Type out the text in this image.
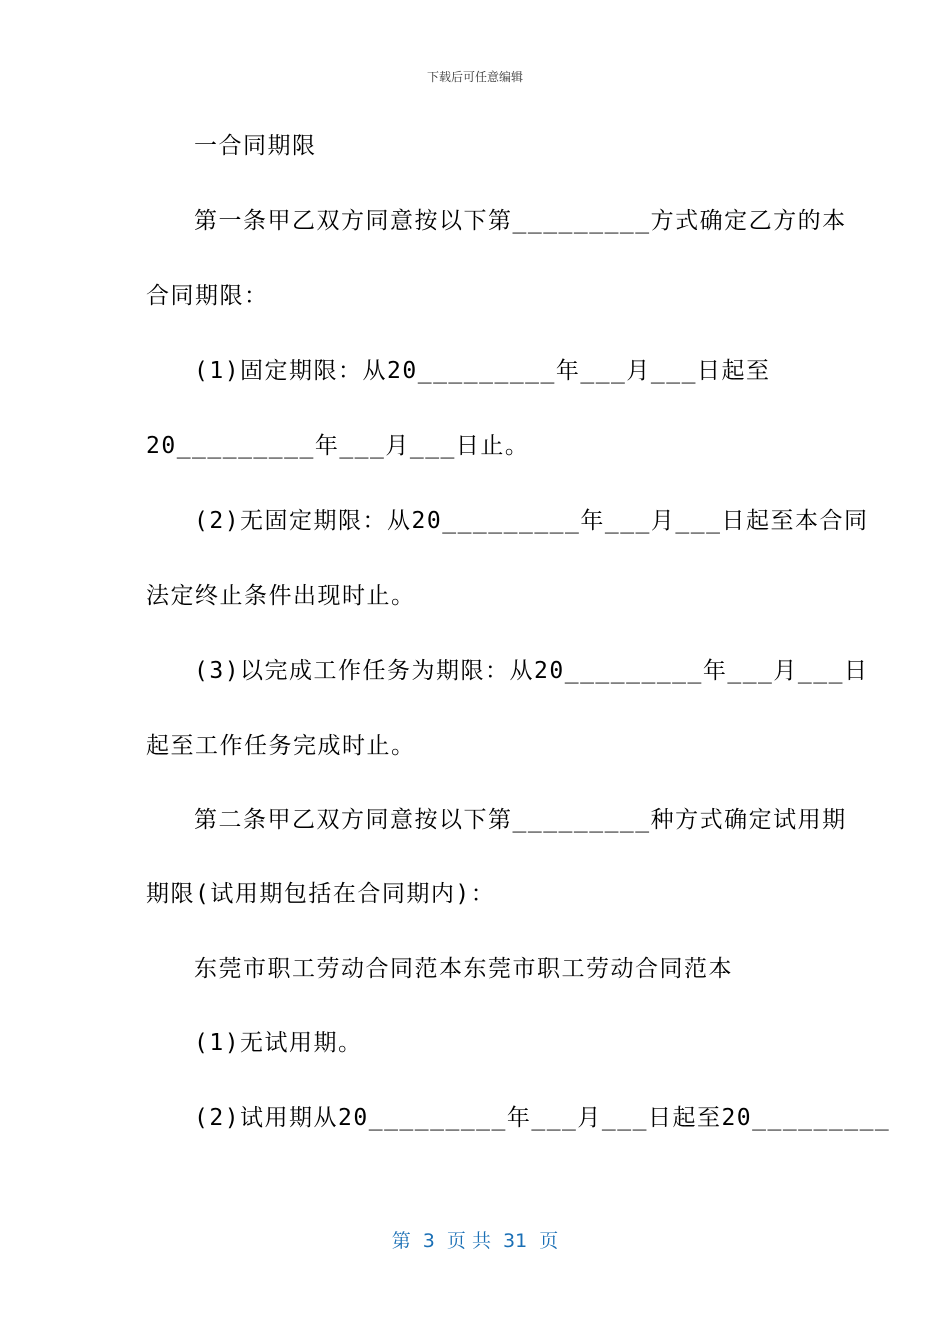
下载后可任意编辑
一合同期限
第一条甲乙双方同意按以下第_________方式确定乙方的本
合同期限：
(1)固定期限：从20_________年___月___日起至
20_________年___月___日止。
(2)无固定期限：从20_________年___月___日起至本合同
法定终止条件出现时止。
(3)以完成工作任务为期限：从20_________年___月___日
起至工作任务完成时止。
第二条甲乙双方同意按以下第_________种方式确定试用期
期限(试用期包括在合同期内)：
东莞市职工劳动合同范本东莞市职工劳动合同范本
(1)无试用期。
(2)试用期从20_________年___月___日起至20_________
第  3  页 共  31  页
